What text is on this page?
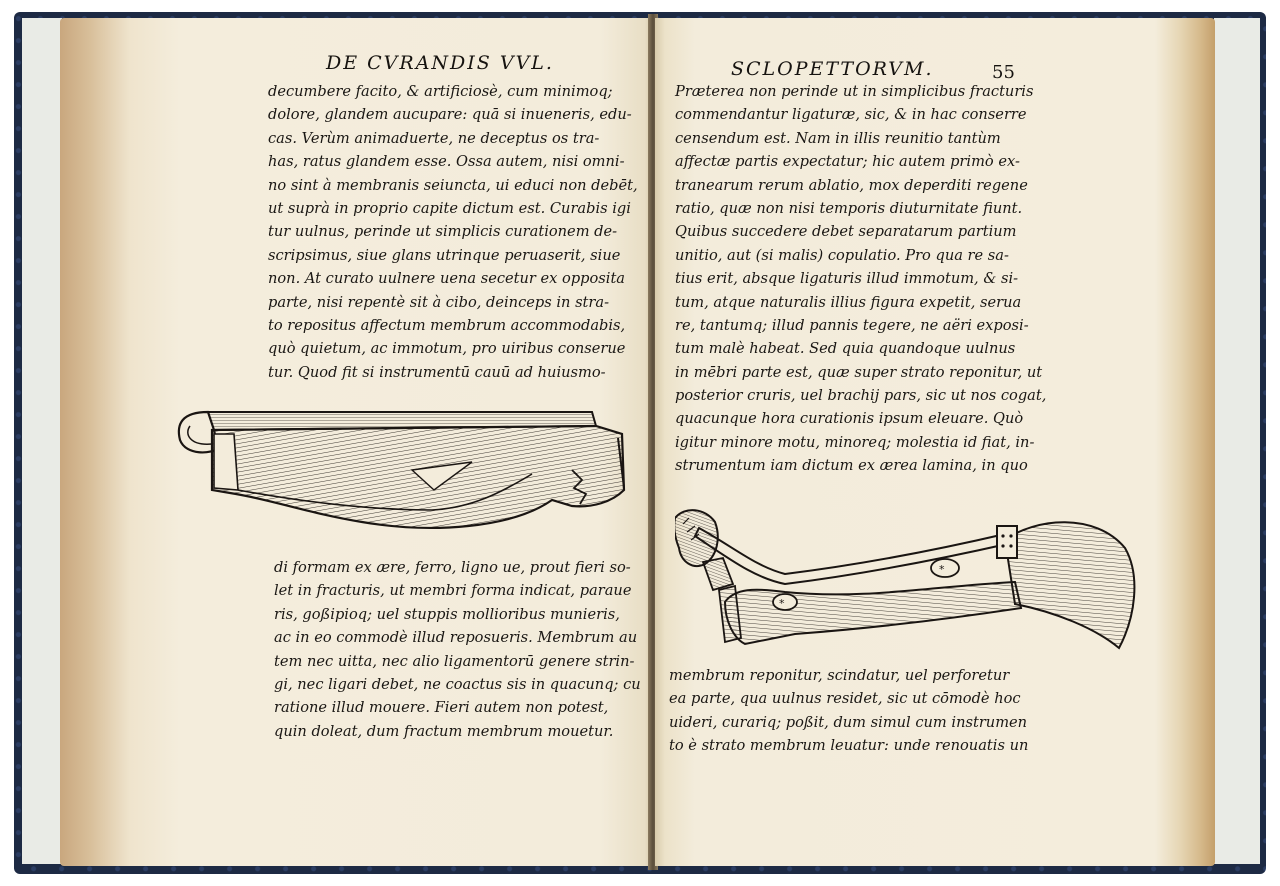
DE CVRANDIS VVL.
decumbere facito, & artificiosè, cum minimoq;
dolore, glandem aucupare: quā si inueneris, edu-
cas. Verùm animaduerte, ne deceptus os tra-
has, ratus glandem esse. Ossa autem, nisi omni-
no sint à membranis seiuncta, ui educi non debēt,
ut suprà in proprio capite dictum est. Curabis igi
tur uulnus, perinde ut simplicis curationem de-
scripsimus, siue glans utrinque peruaserit, siue
non. At curato uulnere uena secetur ex opposita
parte, nisi repentè sit à cibo, deinceps in stra-
to repositus affectum membrum accommodabis,
quò quietum, ac immotum, pro uiribus conserue
tur. Quod fit si instrumentū cauū ad huiusmo-
di formam ex ære, ferro, ligno ue, prout fieri so-
let in fracturis, ut membri forma indicat, paraue
ris, goßipioq; uel stuppis mollioribus munieris,
ac in eo commodè illud reposueris. Membrum au
tem nec uitta, nec alio ligamentorū genere strin-
gi, nec ligari debet, ne coactus sis in quacunq; cu
ratione illud mouere. Fieri autem non potest,
quin doleat, dum fractum membrum mouetur.
SCLOPETTORVM.	55
Præterea non perinde ut in simplicibus fracturis
commendantur ligaturæ, sic, & in hac conserre
censendum est. Nam in illis reunitio tantùm
affectæ partis expectatur; hic autem primò ex-
tranearum rerum ablatio, mox deperditi regene
ratio, quæ non nisi temporis diuturnitate fiunt.
Quibus succedere debet separatarum partium
unitio, aut (si malis) copulatio. Pro qua re sa-
tius erit, absque ligaturis illud immotum, & si-
tum, atque naturalis illius figura expetit, serua
re, tantumq; illud pannis tegere, ne aëri exposi-
tum malè habeat. Sed quia quandoque uulnus
in mēbri parte est, quæ super strato reponitur, ut
posterior cruris, uel brachij pars, sic ut nos cogat,
quacunque hora curationis ipsum eleuare. Quò
igitur minore motu, minoreq; molestia id fiat, in-
strumentum iam dictum ex ærea lamina, in quo
*
*
membrum reponitur, scindatur, uel perforetur
ea parte, qua uulnus residet, sic ut cōmodè hoc
uideri, curariq; poßit, dum simul cum instrumen
to è strato membrum leuatur: unde renouatis un
